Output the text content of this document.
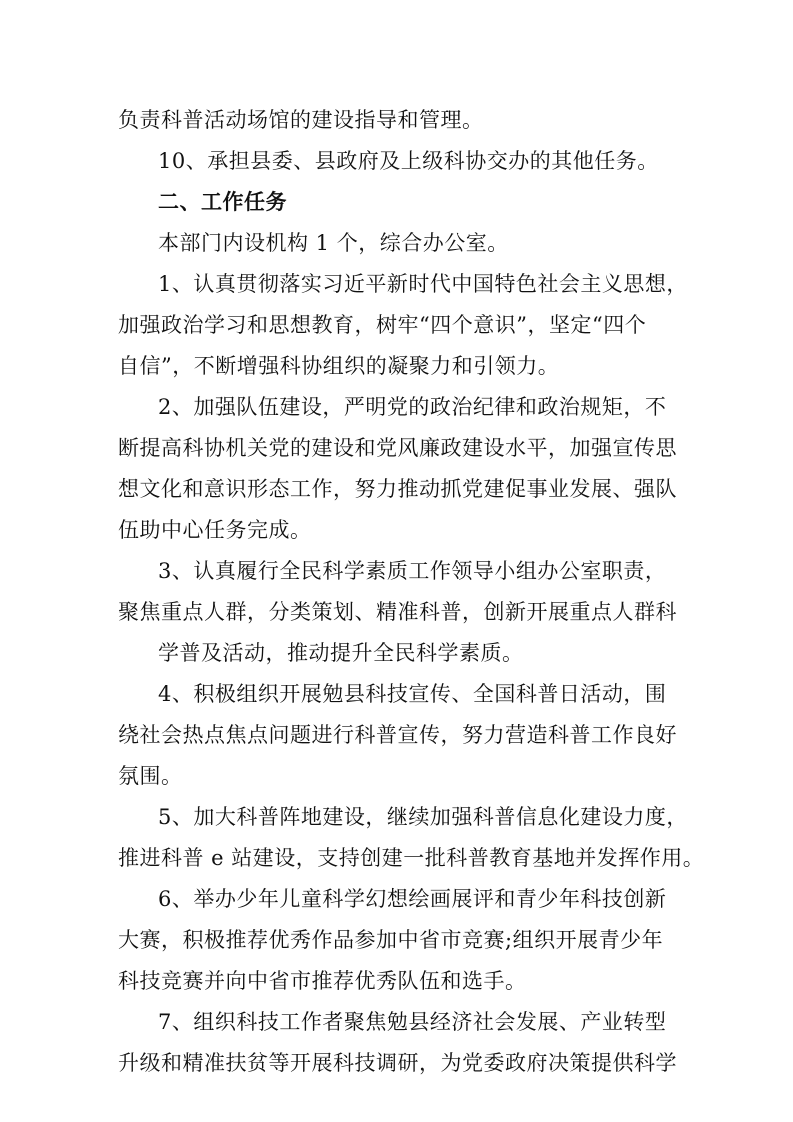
负责科普活动场馆的建设指导和管理。
10、承担县委、县政府及上级科协交办的其他任务。
二、工作任务
本部门内设机构 1 个，综合办公室。
1、认真贯彻落实习近平新时代中国特色社会主义思想，
加强政治学习和思想教育，树牢“四个意识”，坚定“四个
自信”，不断增强科协组织的凝聚力和引领力。
2、加强队伍建设，严明党的政治纪律和政治规矩，不
断提高科协机关党的建设和党风廉政建设水平，加强宣传思
想文化和意识形态工作，努力推动抓党建促事业发展、强队
伍助中心任务完成。
3、认真履行全民科学素质工作领导小组办公室职责，
聚焦重点人群，分类策划、精准科普，创新开展重点人群科
学普及活动，推动提升全民科学素质。
4、积极组织开展勉县科技宣传、全国科普日活动，围
绕社会热点焦点问题进行科普宣传，努力营造科普工作良好
氛围。
5、加大科普阵地建设，继续加强科普信息化建设力度，
推进科普 e 站建设，支持创建一批科普教育基地并发挥作用。
6、举办少年儿童科学幻想绘画展评和青少年科技创新
大赛，积极推荐优秀作品参加中省市竞赛;组织开展青少年
科技竞赛并向中省市推荐优秀队伍和选手。
7、组织科技工作者聚焦勉县经济社会发展、产业转型
升级和精准扶贫等开展科技调研，为党委政府决策提供科学
